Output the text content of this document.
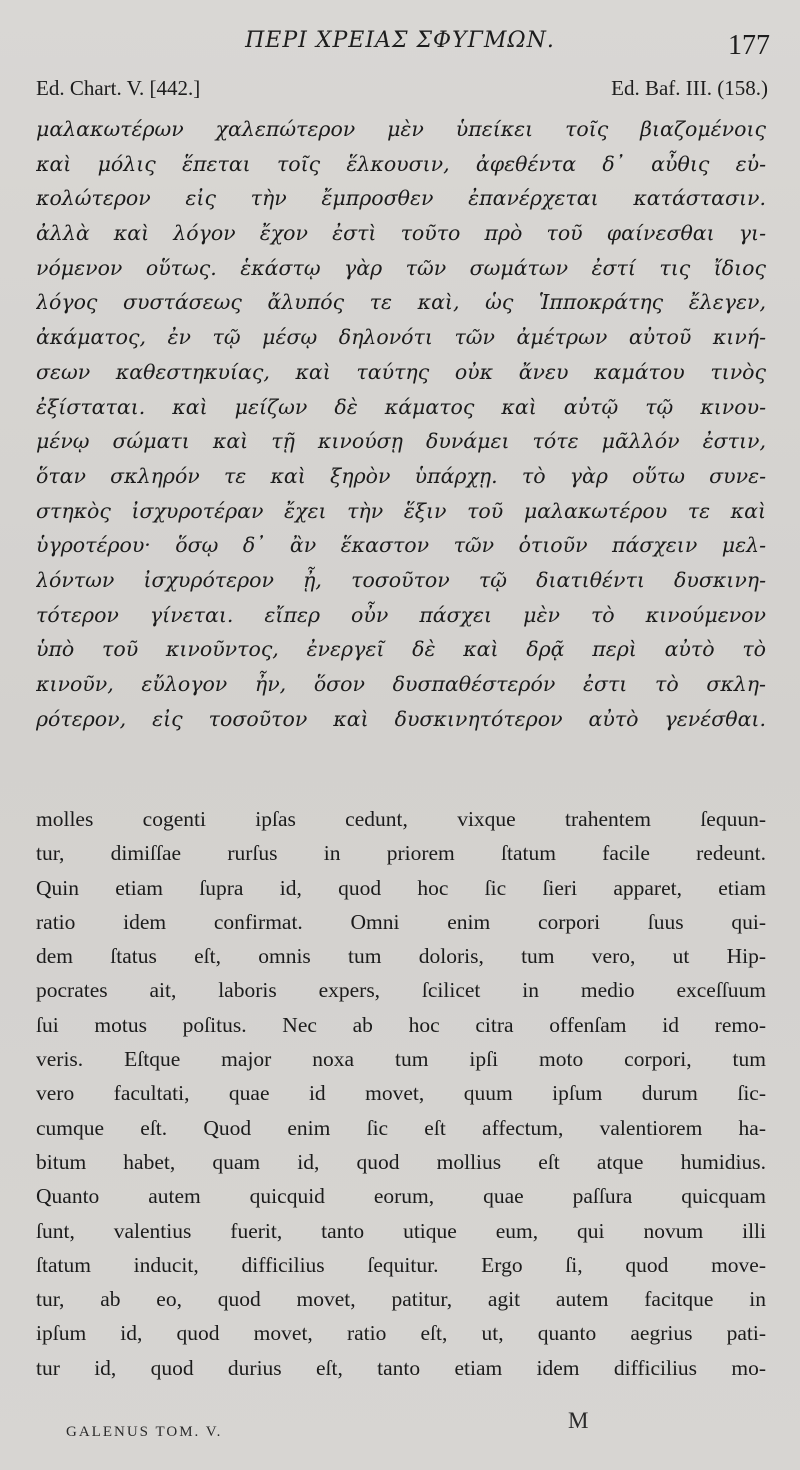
ΠΕΡΙ ΧΡΕΙΑΣ ΣΦΥΓΜΩΝ.	177
Ed. Chart. V. [442.]	Ed. Baf. III. (158.)
μαλακωτέρων χαλεπώτερον μὲν ὑπείκει τοῖς βιαζομένοις
καὶ μόλις ἕπεται τοῖς ἕλκουσιν, ἀφεθέντα δ᾿ αὖθις εὐ-
κολώτερον εἰς τὴν ἔμπροσθεν ἐπανέρχεται κατάστασιν.
ἀλλὰ καὶ λόγον ἔχον ἐστὶ τοῦτο πρὸ τοῦ φαίνεσθαι γι-
νόμενον οὕτως. ἑκάστῳ γὰρ τῶν σωμάτων ἐστί τις ἴδιος
λόγος συστάσεως ἄλυπός τε καὶ, ὡς Ἱπποκράτης ἔλεγεν,
ἀκάματος, ἐν τῷ μέσῳ δηλονότι τῶν ἀμέτρων αὐτοῦ κινή-
σεων καθεστηκυίας, καὶ ταύτης οὐκ ἄνευ καμάτου τινὸς
ἐξίσταται. καὶ μείζων δὲ κάματος καὶ αὐτῷ τῷ κινου-
μένῳ σώματι καὶ τῇ κινούσῃ δυνάμει τότε μᾶλλόν ἐστιν,
ὅταν σκληρόν τε καὶ ξηρὸν ὑπάρχῃ. τὸ γὰρ οὕτω συνε-
στηκὸς ἰσχυροτέραν ἔχει τὴν ἕξιν τοῦ μαλακωτέρου τε καὶ
ὑγροτέρου· ὅσῳ δ᾿ ἂν ἕκαστον τῶν ὁτιοῦν πάσχειν μελ-
λόντων ἰσχυρότερον ᾖ, τοσοῦτον τῷ διατιθέντι δυσκινη-
τότερον γίνεται. εἴπερ οὖν πάσχει μὲν τὸ κινούμενον
ὑπὸ τοῦ κινοῦντος, ἐνεργεῖ δὲ καὶ δρᾷ περὶ αὐτὸ τὸ
κινοῦν, εὔλογον ἦν, ὅσον δυσπαθέστερόν ἐστι τὸ σκλη-
ρότερον, εἰς τοσοῦτον καὶ δυσκινητότερον αὐτὸ γενέσθαι.
molles cogenti ipſas cedunt, vixque trahentem ſequun-
tur, dimiſſae rurſus in priorem ſtatum facile redeunt.
Quin etiam ſupra id, quod hoc ſic ſieri apparet, etiam
ratio idem confirmat. Omni enim corpori ſuus qui-
dem ſtatus eſt, omnis tum doloris, tum vero, ut Hip-
pocrates ait, laboris expers, ſcilicet in medio exceſſuum
ſui motus poſitus. Nec ab hoc citra offenſam id remo-
veris. Eſtque major noxa tum ipſi moto corpori, tum
vero facultati, quae id movet, quum ipſum durum ſic-
cumque eſt. Quod enim ſic eſt affectum, valentiorem ha-
bitum habet, quam id, quod mollius eſt atque humidius.
Quanto autem quicquid eorum, quae paſſura quicquam
ſunt, valentius fuerit, tanto utique eum, qui novum illi
ſtatum inducit, difficilius ſequitur. Ergo ſi, quod move-
tur, ab eo, quod movet, patitur, agit autem facitque in
ipſum id, quod movet, ratio eſt, ut, quanto aegrius pati-
tur id, quod durius eſt, tanto etiam idem difficilius mo-
GALENUS TOM. V.	M
